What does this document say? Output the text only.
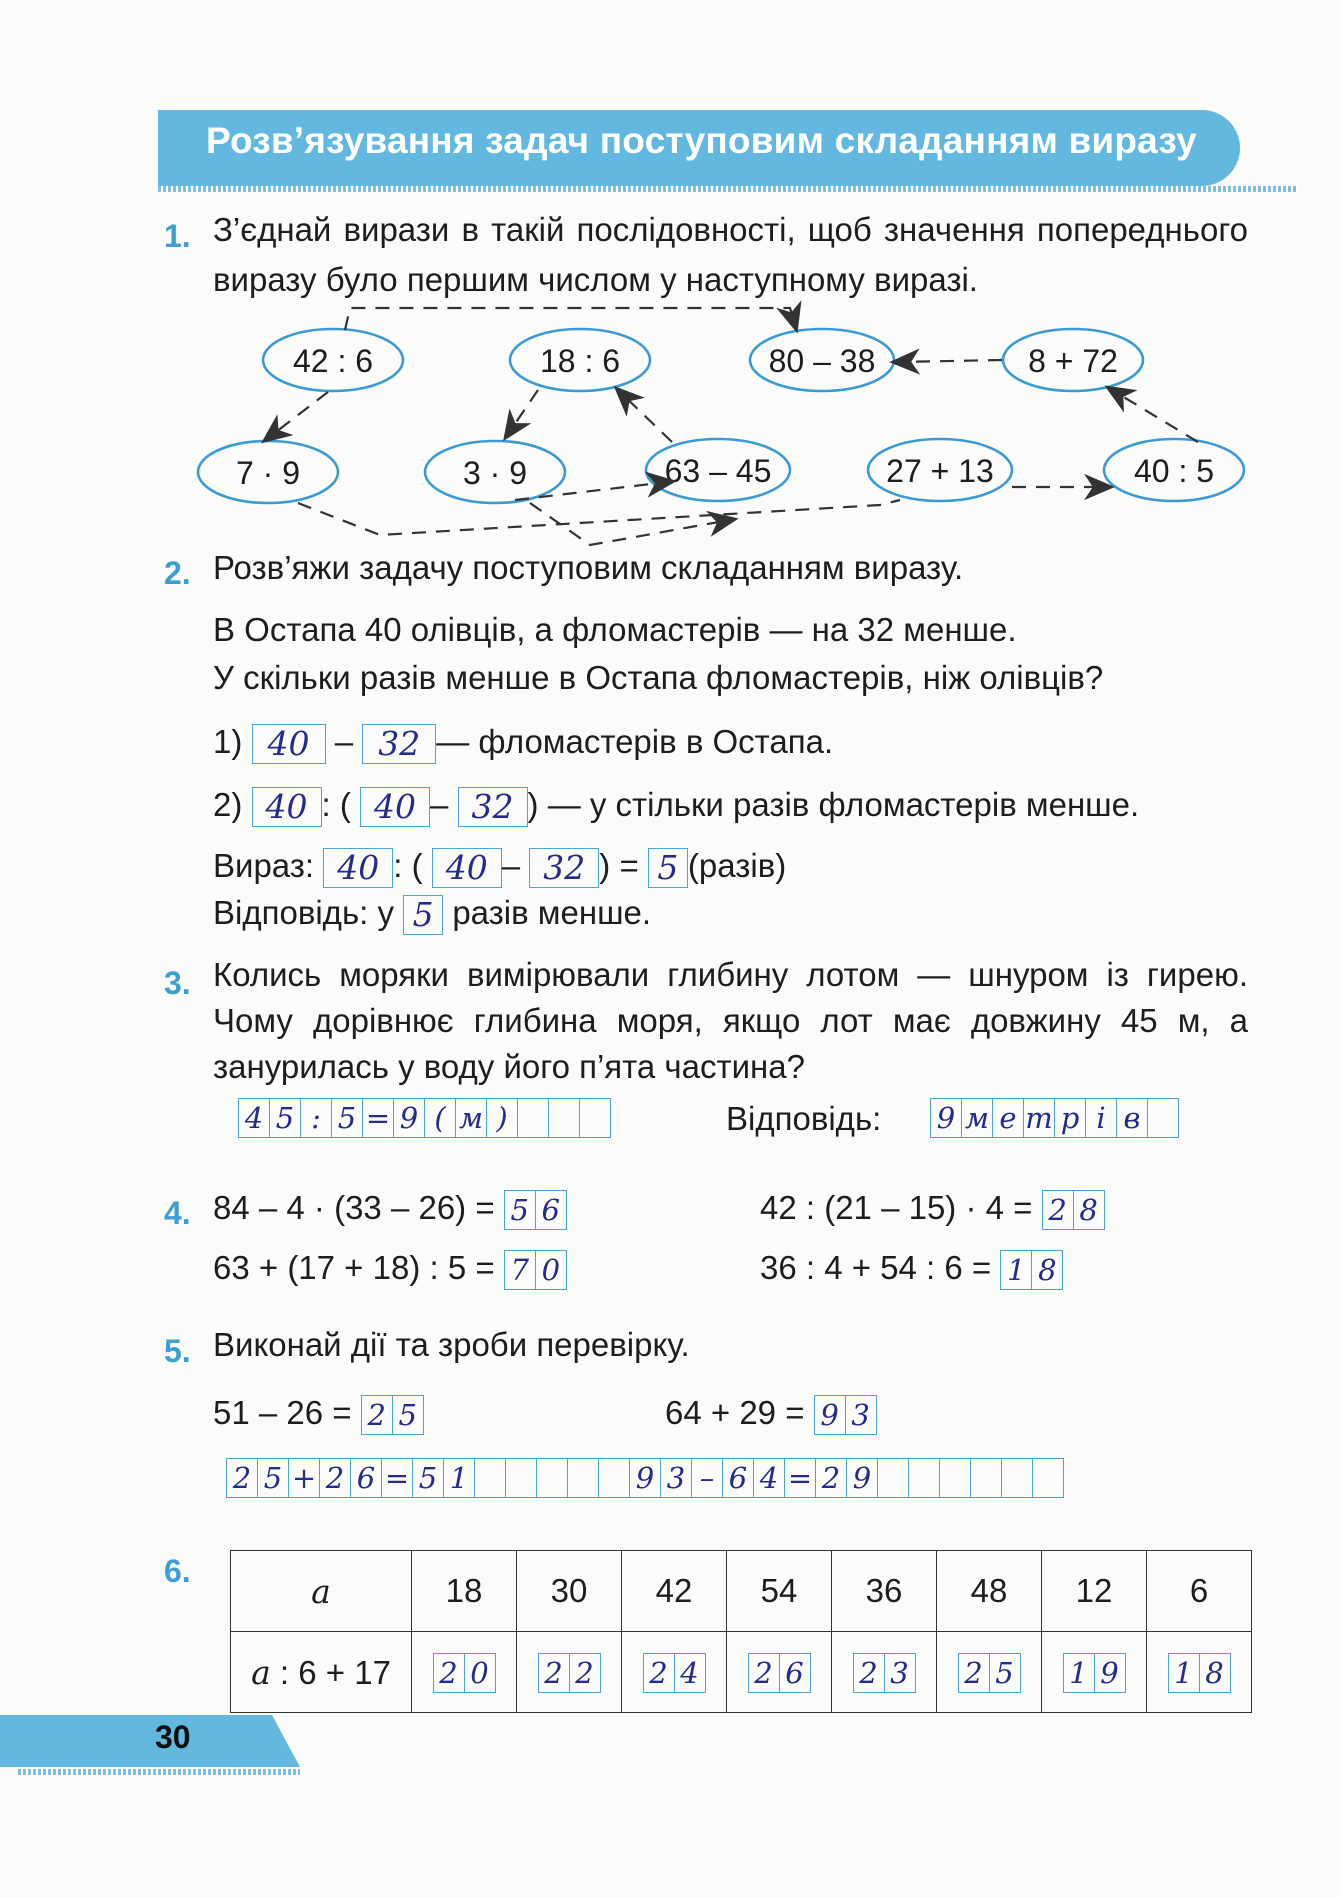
Розв’язування задач поступовим складанням виразу
1. З’єднай вирази в такій послідовності, щоб значення попереднього виразу було першим числом у наступному виразі.
42 : 6	18 : 6	80 – 38	8 + 72
7 · 9	3 · 9	63 – 45	27 + 13	40 : 5
2. Розв’яжи задачу поступовим складанням виразу.
В Остапа 40 олівців, а фломастерів — на 32 менше.
У скільки разів менше в Остапа фломастерів, ніж олівців?
1) 40 – 32 — фломастерів в Остапа.
2) 40 : ( 40 – 32 ) — у стільки разів фломастерів менше.
Вираз: 40 : ( 40 – 32 ) = 5 (разів)
Відповідь: у 5 разів менше.
3. Колись моряки вимірювали глибину лотом — шнуром із гирею. Чому дорівнює глибина моря, якщо лот має довжину 45 м, а занурилась у воду його п’ята частина?
4 5 : 5 = 9 ( м )	Відповідь: 9 м е т р і в
4. 84 – 4 · (33 – 26) = 5 6	42 : (21 – 15) · 4 = 2 8
63 + (17 + 18) : 5 = 7 0	36 : 4 + 54 : 6 = 1 8
5. Виконай дії та зроби перевірку.
51 – 26 = 2 5	64 + 29 = 9 3
2 5 + 2 6 = 5 1	9 3 – 6 4 = 2 9
6.
a	18	30	42	54	36	48	12	6
a : 6 + 17	2 0	2 2	2 4	2 6	2 3	2 5	1 9	1 8
30
